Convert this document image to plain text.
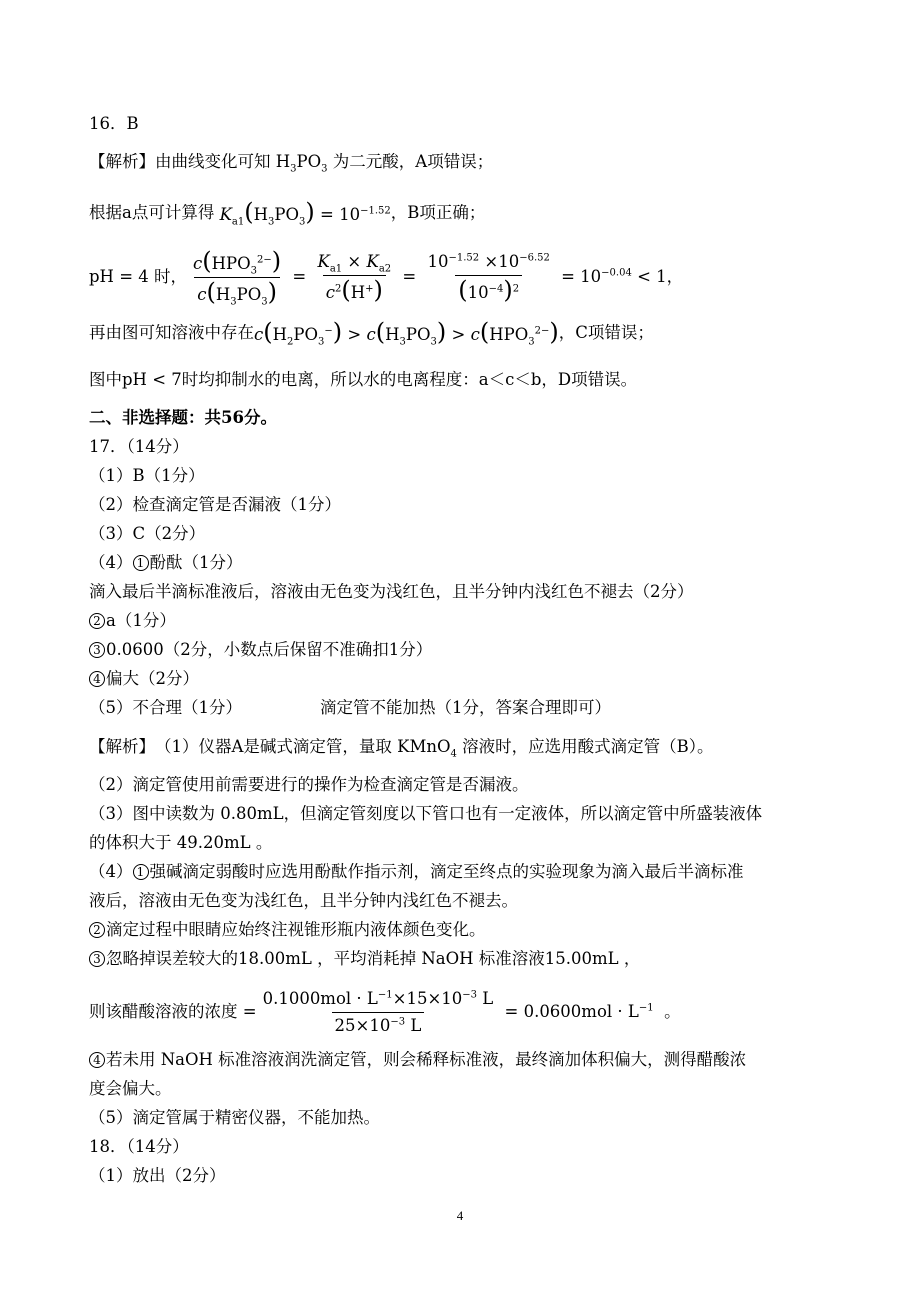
16．B
【解析】 由曲线变化可知 $H_3PO_3$ 为二元酸，A项错误；
根据a点可计算得 $K_{a1}(H_3PO_3) = 10^{-1.52}$ ，B项正确；
pH = 4 时， $\frac{c(HPO_3^{2-})}{c(H_3PO_3)} = \frac{K_{a1} \times K_{a2}}{c^2(H^+)} = \frac{10^{-1.52} \times 10^{-6.52}}{(10^{-4})^2} = 10^{-0.04} < 1$，
再由图可知溶液中存在 $c(H_2PO_3^-) > c(H_3PO_3) > c(HPO_3^{2-})$ ，C项错误；
图中 pH < 7 时均抑制水的电离，所以水的电离程度：a＜c＜b，D项错误。
二、非选择题：共56分。
17．（14分）
（1）B（1分）
（2）检查滴定管是否漏液（1分）
（3）C（2分）
（4） 1 酚酞（1分）
滴入最后半滴标准液后，溶液由无色变为浅红色，且半分钟内浅红色不褪去（2分）
2 a（1分）
3 0.0600（2分，小数点后保留不准确扣1分）
4 偏大（2分）
（5）不合理（1分）	滴定管不能加热（1分，答案合理即可）
【解析】 （1）仪器A是碱式滴定管，量取 KMnO$_4$ 溶液时，应选用酸式滴定管（B）。
（2）滴定管使用前需要进行的操作为检查滴定管是否漏液。
（3）图中读数为 0.80mL，但滴定管刻度以下管口也有一定液体，所以滴定管中所盛装液体
的体积大于 49.20mL 。
（4） 1 强碱滴定弱酸时应选用酚酞作指示剂，滴定至终点的实验现象为滴入最后半滴标准
液后，溶液由无色变为浅红色，且半分钟内浅红色不褪去。
2 滴定过程中眼睛应始终注视锥形瓶内液体颜色变化。
3 忽略掉误差较大的18.00mL ，平均消耗掉 NaOH 标准溶液15.00mL ，
则该醋酸溶液的浓度 = $\frac{0.1000mol \cdot L^{-1}\times 15\times 10^{-3} L}{25\times 10^{-3} L} = 0.0600mol \cdot L^{-1}$ 。
4 若未用 NaOH 标准溶液润洗滴定管，则会稀释标准液，最终滴加体积偏大，测得醋酸浓
度会偏大。
（5）滴定管属于精密仪器，不能加热。
18．（14分）
（1）放出（2分）
4
